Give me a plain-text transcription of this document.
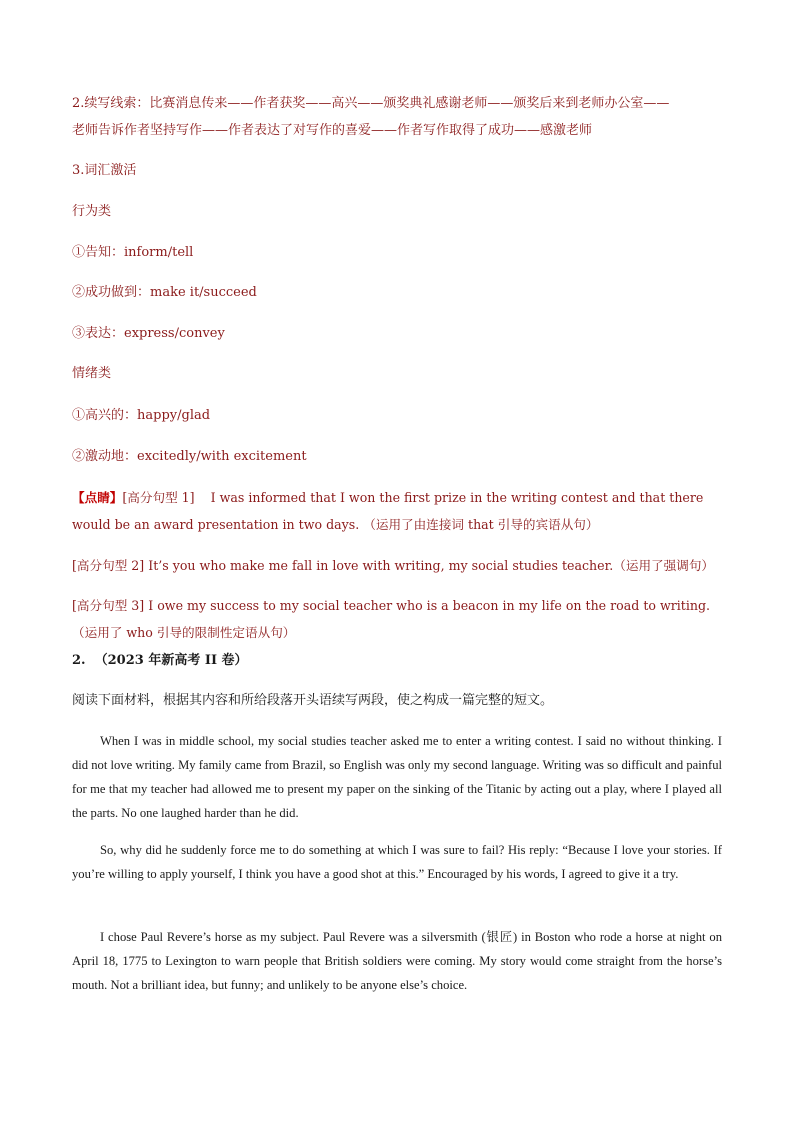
2.续写线索：比赛消息传来——作者获奖——高兴——颁奖典礼感谢老师——颁奖后来到老师办公室——
老师告诉作者坚持写作——作者表达了对写作的喜爱——作者写作取得了成功——感激老师
3.词汇激活
行为类
①告知：inform/tell
②成功做到：make it/succeed
③表达：express/convey
情绪类
①高兴的：happy/glad
②激动地：excitedly/with excitement
【点睛】[高分句型 1] I was informed that I won the first prize in the writing contest and that there would be an award presentation in two days. （运用了由连接词 that 引导的宾语从句）
[高分句型 2] It’s you who make me fall in love with writing, my social studies teacher.（运用了强调句）
[高分句型 3] I owe my success to my social teacher who is a beacon in my life on the road to writing.（运用了 who 引导的限制性定语从句）
2. （2023 年新高考 II 卷）
阅读下面材料，根据其内容和所给段落开头语续写两段，使之构成一篇完整的短文。
When I was in middle school, my social studies teacher asked me to enter a writing contest. I said no without thinking. I did not love writing. My family came from Brazil, so English was only my second language. Writing was so difficult and painful for me that my teacher had allowed me to present my paper on the sinking of the Titanic by acting out a play, where I played all the parts. No one laughed harder than he did.
So, why did he suddenly force me to do something at which I was sure to fail? His reply: “Because I love your stories. If you’re willing to apply yourself, I think you have a good shot at this.” Encouraged by his words, I agreed to give it a try.
I chose Paul Revere’s horse as my subject. Paul Revere was a silversmith (银匠) in Boston who rode a horse at night on April 18, 1775 to Lexington to warn people that British soldiers were coming. My story would come straight from the horse’s mouth. Not a brilliant idea, but funny; and unlikely to be anyone else’s choice.
